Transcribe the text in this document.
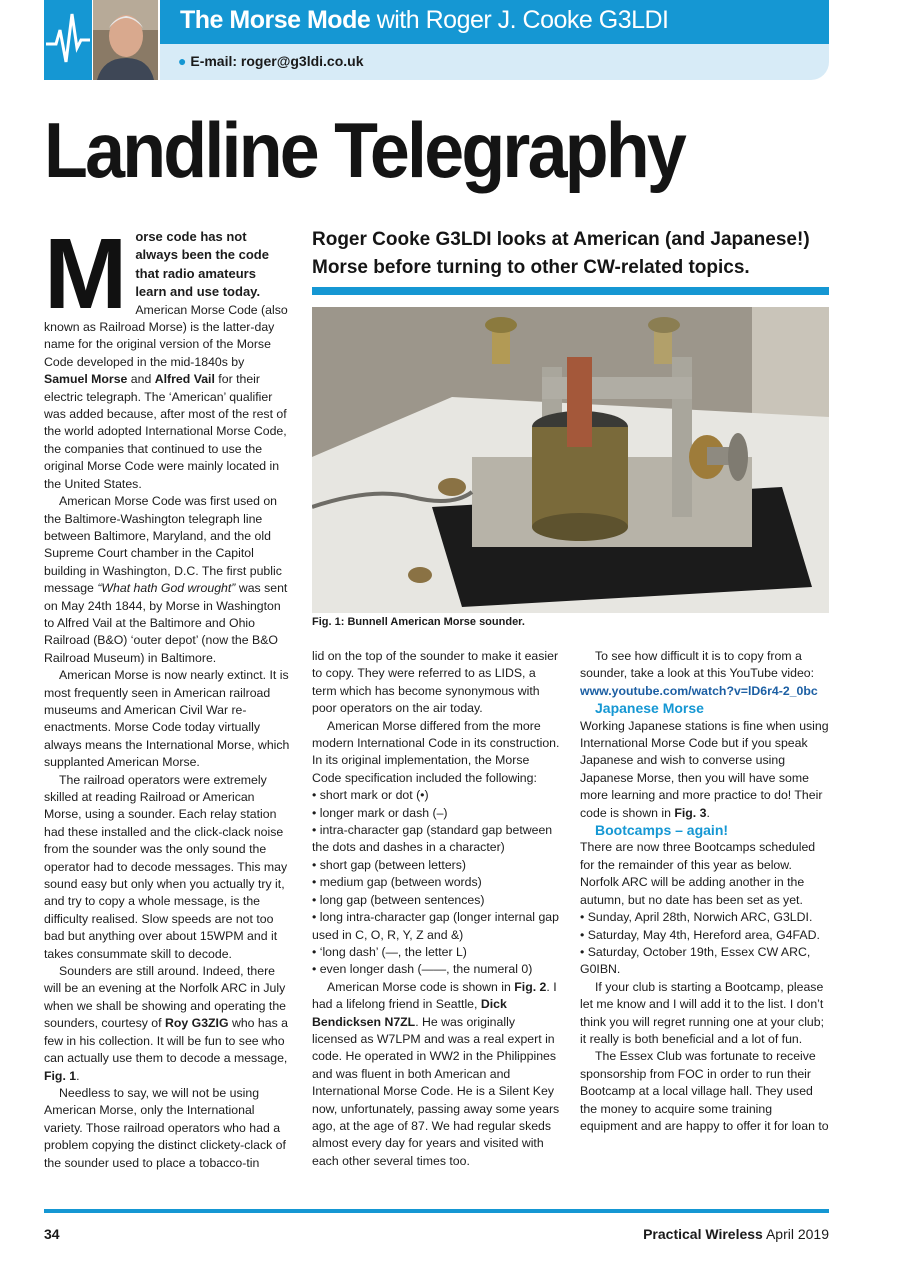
The Morse Mode with Roger J. Cooke G3LDI
● E-mail: roger@g3ldi.co.uk
Landline Telegraphy
Roger Cooke G3LDI looks at American (and Japanese!) Morse before turning to other CW-related topics.
Fig. 1: Bunnell American Morse sounder.

Morse code has not always been the code that radio amateurs learn and use today. American Morse Code (also known as Railroad Morse) is the latter-day name for the original version of the Morse Code developed in the mid-1840s by Samuel Morse and Alfred Vail for their electric telegraph. The ‘American’ qualifier was added because, after most of the rest of the world adopted International Morse Code, the companies that continued to use the original Morse Code were mainly located in the United States.

American Morse Code was first used on the Baltimore-Washington telegraph line between Baltimore, Maryland, and the old Supreme Court chamber in the Capitol building in Washington, D.C. The first public message “What hath God wrought” was sent on May 24th 1844, by Morse in Washington to Alfred Vail at the Baltimore and Ohio Railroad (B&O) ‘outer depot’ (now the B&O Railroad Museum) in Baltimore.

American Morse is now nearly extinct. It is most frequently seen in American railroad museums and American Civil War re-enactments. Morse Code today virtually always means the International Morse, which supplanted American Morse.

The railroad operators were extremely skilled at reading Railroad or American Morse, using a sounder. Each relay station had these installed and the click-clack noise from the sounder was the only sound the operator had to decode messages. This may sound easy but only when you actually try it, and try to copy a whole message, is the difficulty realised. Slow speeds are not too bad but anything over about 15WPM and it takes consummate skill to decode.

Sounders are still around. Indeed, there will be an evening at the Norfolk ARC in July when we shall be showing and operating the sounders, courtesy of Roy G3ZIG who has a few in his collection. It will be fun to see who can actually use them to decode a message, Fig. 1.

Needless to say, we will not be using American Morse, only the International variety. Those railroad operators who had a problem copying the distinct clickety-clack of the sounder used to place a tobacco-tin

lid on the top of the sounder to make it easier to copy. They were referred to as LIDS, a term which has become synonymous with poor operators on the air today.

American Morse differed from the more modern International Code in its construction. In its original implementation, the Morse Code specification included the following:

• short mark or dot (•)

• longer mark or dash (–)

• intra-character gap (standard gap between the dots and dashes in a character)

• short gap (between letters)

• medium gap (between words)

• long gap (between sentences)

• long intra-character gap (longer internal gap used in C, O, R, Y, Z and &)

• ‘long dash’ (—, the letter L)

• even longer dash (——, the numeral 0)

American Morse code is shown in Fig. 2. I had a lifelong friend in Seattle, Dick Bendicksen N7ZL. He was originally licensed as W7LPM and was a real expert in code. He operated in WW2 in the Philippines and was fluent in both American and International Morse Code. He is a Silent Key now, unfortunately, passing away some years ago, at the age of 87. We had regular skeds almost every day for years and visited with each other several times too.

To see how difficult it is to copy from a sounder, take a look at this YouTube video:

www.youtube.com/watch?v=lD6r4-2_0bc

Japanese Morse

Working Japanese stations is fine when using International Morse Code but if you speak Japanese and wish to converse using Japanese Morse, then you will have some more learning and more practice to do! Their code is shown in Fig. 3.

Bootcamps – again!

There are now three Bootcamps scheduled for the remainder of this year as below. Norfolk ARC will be adding another in the autumn, but no date has been set as yet.

• Sunday, April 28th, Norwich ARC, G3LDI.

• Saturday, May 4th, Hereford area, G4FAD.

• Saturday, October 19th, Essex CW ARC, G0IBN.

If your club is starting a Bootcamp, please let me know and I will add it to the list. I don’t think you will regret running one at your club; it really is both beneficial and a lot of fun.

The Essex Club was fortunate to receive sponsorship from FOC in order to run their Bootcamp at a local village hall. They used the money to acquire some training equipment and are happy to offer it for loan to

34	Practical Wireless April 2019
